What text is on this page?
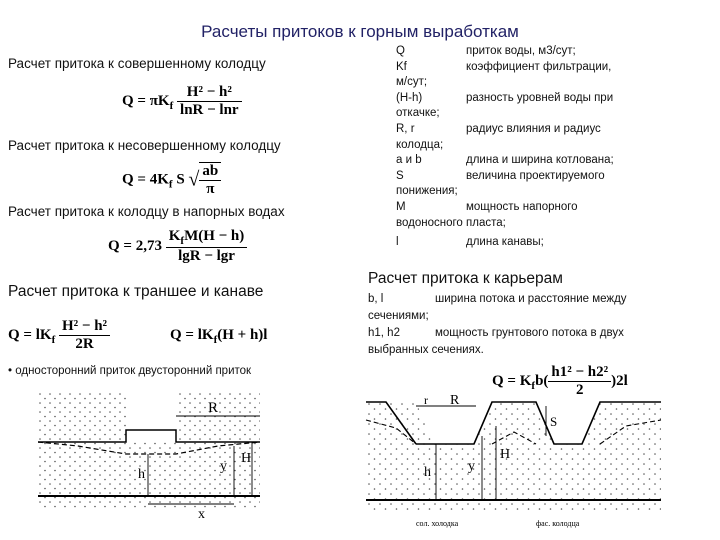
Расчеты притоков к горным выработкам
Расчет притока к совершенному колодцу
$Q = \pi K_f \frac{\text{H² − h²}}{\ln R - \ln r}$
Расчет притока к несовершенному колодцу
$Q = 4K_f$ S √ $\frac{ab}{\pi}$
Расчет притока к колодцу в напорных водах
$Q = 2,73 \frac{K_fM(H - h)}{\lg R - \lg r}$
Расчет притока к траншее и канаве
$Q = lK_f \frac{\text{H² − h²}}{2R}$	$Q = lK_f(H + h)l$
• односторонний приток двусторонний приток
Q	приток воды, м3/сут;
Kf	коэффициент фильтрации,
м/сут;
(H-h)	разность уровней воды при
откачке;
R, r	радиус влияния и радиус
колодца;
a и b	длина и ширина котлована;
S	величина проектируемого
понижения;
M	мощность напорного
водоносного пласта;
l	длина канавы;
Расчет притока к карьерам
b, l	ширина потока и расстояние между
сечениями;
h1, h2	мощность грунтового потока в двух
выбранных сечениях.
$Q = K_fb( \frac{\text{h1² − h2²}}{2} )2l$
R
h
y
H
x
r R
S
h	y
H
сол. холодка	фас. колодца
